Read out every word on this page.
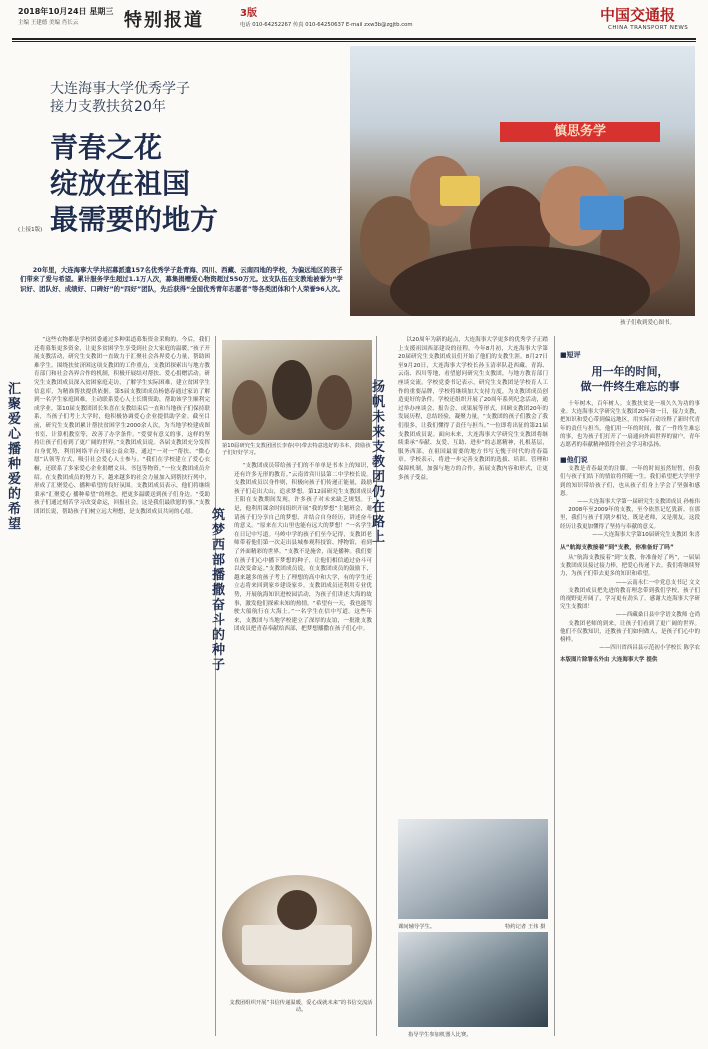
2018年10月24日 星期三
主编 王建德 美编 肖长云	特别报道	3版
电话 010-64252267 传真 010-64250637 E-mail zxw3b@zgjtb.com
中国交通报
CHINA TRANSPORT NEWS
慎思务学
孩子们收到爱心图书。
大连海事大学优秀学子
接力支教扶贫20年
青春之花
绽放在祖国
最需要的地方
(上接1版)
20年里，大连海事大学共招募派遣157名优秀学子赴青海、四川、西藏、云南四地的学校，为偏远地区的孩子们带来了爱与希望。累计服务学生超过1.1万人次，募集捐赠爱心物资超过550万元。这支队伍在支教地被誉为“学识好、团队好、成绩好、口碑好”的“四好”团队，先后获得“全国优秀青年志愿者”等各类团体和个人荣誉96人次。
汇聚爱心 播种爱的希望
“这些衣物都是学校团委通过多种渠道募集资金采购的。今后，我们还将募集更多资金，让更多贫困学生享受到社会大家庭的温暖。”孩子开展支教活动，研究生支教团一直致力于汇聚社会各界爱心力量，帮助困难学生。围绕扶贫济困这项支教团的工作重点，支教团探索出与地方教育部门和社会各界合作的机制，积极开展结对帮扶、爱心捐赠活动。研究生支教团成员深入贫困家庭走访，了解学生实际困难，建立贫困学生信息库，为精准帮扶提供依据。第5届支教团成员杨德春通过家访了解到一名学生家庭困难，主动联系爱心人士长期资助，帮助该学生顺利完成学业。第10届支教团团长朱喜在支教结束后一直和当地孩子们保持联系，当孩子们考上大学时，他积极协调爱心企业提供助学金。截至目前，研究生支教团累计帮扶贫困学生2000余人次，为当地学校建成图书室、计算机教室等，改善了办学条件。“爱要有意义的事，这样的坚持让孩子们看到了更广阔的世界。”支教团成员说。各届支教团充分发挥自身优势，利用网络平台开展公益众筹，通过“一对一”帮扶、“微心愿”认领等方式，吸引社会爱心人士参与。“我们在学校建立了爱心衣橱，还联系了多家爱心企业捐赠文具、书包等物资。”一位支教团成员介绍。在支教团成员的努力下，越来越多的社会力量加入到帮扶行列中，形成了汇聚爱心、播种希望的良好氛围。支教团成员表示，他们将继续秉承“汇聚爱心 播种希望”的理念，把更多温暖送到孩子们身边。“受助孩子们通过刻苦学习改变命运，回报社会，这是我们最欣慰的事。”支教团团长说，帮助孩子们树立远大理想，是支教团成员共同的心愿。
第10届研究生支教团团长李春(中)带去特意选好的书本，鼓励孩子们好好学习。
筑梦西部 播撒奋斗的种子
“支教团成员带给孩子们的不单单是书本上的知识，还有许多无形的教育。”云南省宾川县第二中学校长说。支教团成员以身作则，积极向孩子们传递正能量，鼓励孩子们走出大山，追求梦想。第12届研究生支教团成员王阳在支教期间发现，许多孩子对未来缺乏规划。于是，他利用课余时间组织开展“我的梦想”主题班会，邀请孩子们分享自己的梦想，并结合自身经历，讲述奋斗的意义。“原来在大山里也能有远大的梦想！”一名学生在日记中写道。马岭中学的孩子们至今记得，支教团老师带着他们第一次走出县城参观科技馆、博物馆，看到了外面精彩的世界。“支教不是施舍，而是播种。我们要在孩子们心中播下梦想的种子，让他们相信通过奋斗可以改变命运。”支教团成员说。在支教团成员的鼓励下，越来越多的孩子考上了理想的高中和大学，有的学生还立志将来回到家乡建设家乡。支教团成员还利用专业优势，开展航海知识进校园活动，为孩子们讲述大海的故事，激发他们探索未知的热情。“希望有一天，我也能驾驶大船航行在大海上。”一名学生在信中写道。这些年来，支教团与当地学校建立了深厚的友谊，一批批支教团成员把青春奉献给西部，把梦想播撒在孩子们心中。
支教团组织开展“书信传递温暖，爱心成就未来”的书信交流活动。
扬帆未来 支教团仍在路上
以20周年为新的起点，大连海事大学更多的优秀学子正踏上支援祖国西部建设的征程。今年8月初，大连海事大学第20届研究生支教团成员们开始了他们的支教生涯。8月27日至9月20日，大连海事大学校长孙玉清率队赴西藏、青海、云南、四川等地，看望慰问研究生支教团，与地方教育部门座谈交流。学校党委书记表示，研究生支教团是学校育人工作的重要品牌，学校将继续加大支持力度，为支教团成员创造更好的条件。学校还组织开展了20周年系列纪念活动，通过举办座谈会、报告会、成果展等形式，回顾支教团20年的发展历程，总结经验，凝聚力量。“支教团的孩子们教会了我们很多，让我们懂得了责任与担当。”一位即将出征的第21届支教团成员说。面向未来，大连海事大学研究生支教团将继续秉承“奉献、友爱、互助、进步”的志愿精神，扎根基层，服务西部，在祖国最需要的地方书写无愧于时代的青春篇章。学校表示，将进一步完善支教团的选拔、培训、管理和保障机制，加强与地方的合作，拓展支教内容和形式，让更多孩子受益。
课间辅导学生。	特约记者 王伟 摄
指导学生参加机器人比赛。
■短评
用一年的时间，
做一件终生难忘的事
十年树木，百年树人。支教扶贫是一项久久为功的事业。大连海事大学研究生支教团20年如一日，接力支教，把知识和爱心带到偏远地区，用实际行动诠释了新时代青年的责任与担当。他们用一年的时间，做了一件终生难忘的事，也为孩子们打开了一扇通向外面世界的窗户。青年志愿者的奉献精神值得全社会学习和弘扬。
■他们说
支教是青春最美的注脚。一年的时间虽然短暂，但我们与孩子们结下的情谊将伴随一生。我们希望把大学里学到的知识带给孩子们，也从孩子们身上学会了坚强和感恩。
——大连海事大学第一届研究生支教团成员 孙栋伟
2008年至2009年的支教，至今依然记忆犹新。在那里，我们与孩子们朝夕相处，既是老师，又是朋友。这段经历让我更加懂得了坚持与奉献的意义。
——大连海事大学第10届研究生支教团 朱喜
从“航海支教接着”到“支教，你准备好了吗”
从“航海支教接着”到“支教，你准备好了吗”，一届届支教团成员接过接力棒，把爱心传递下去。我们将继续努力，为孩子们带去更多的知识和希望。
——云南永仁一中党总支书记 文文
支教团成员把先进的教育理念带到我们学校，孩子们的视野更开阔了，学习更有劲头了。感谢大连海事大学研究生支教团！
——西藏桑日县中学语文教师 仓尚
支教团老师的到来，让孩子们看到了更广阔的世界。他们不仅教知识，还教孩子们如何做人，是孩子们心中的榜样。
——四川省西昌县示范初小学校长 陈学农
本版图片除署名外由 大连海事大学 提供
